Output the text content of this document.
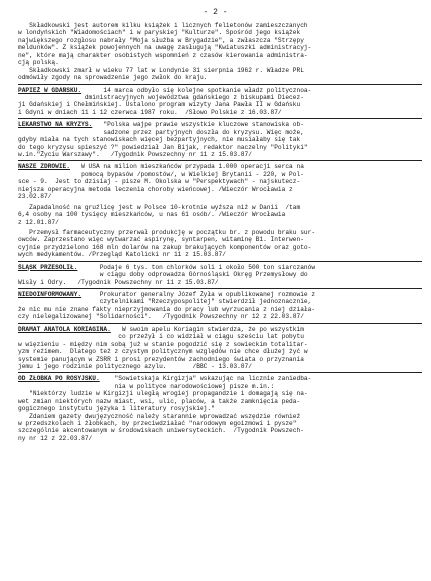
- 2 -
Składkowski jest autorem kilku książek i licznych felietonów zamieszczanych
w londyńskich "Wiadomościach" i w paryskiej "Kulturze". Spośród jego książek
największego rozgłosu nabrały "Moja służba w Brygadzie", a zwłaszcza "Strzępy
meldunków". Z książek powojennych na uwagę zasługują "Kwiatuszki administracyj-
ne", które mają charakter osobistych wspomnień z czasów kierowania administra-
cją polską.
Składkowski zmarł w wieku 77 lat w Londynie 31 sierpnia 1962 r. Władze PRL
odmówiły zgody na sprowadzenie jego zwłok do kraju.
PAPIEŻ W GDAŃSKU.      14 marca odbyło się kolejne spotkanie władz politycznoa-
dministracyjnych województwa gdańskiego z biskupami Diecez-
ji Gdańskiej i Chełmińskiej. Ustalono program wizyty Jana Pawła II w Gdańsku
i Gdyni w dniach 11 i 12 czerwca 1987 roku.  /Słowo Polskie z 16.03.87/
LEKARSTWO NA KRYZYS.   "Polska wajpe prawie wszystkie kluczowe stanowiska ob-
sadzone przez partyjnych doszła do kryzysu. Więc może,
gdyby miała na tych stanowiskach więcej bezpartyjnych, nie musiałaby się tak
do tego kryzysu spieszyć ?" powiedział Jan Bijak, redaktor naczelny "Polityki"
w.in."Życiu Warszawy".   /Tygodnik Powszechny nr 11 z 15.03.87/
NASZE ZDROWIE.   W USA na milion mieszkańców przypada 1.000 operacji serca na
pomocą bypasów /pomostów/, w Wielkiej Brytanii - 220, w Pol-
sce - 9.  Jest to dzisiaj - pisze M. Okolska w "Perspektywach" - najskutecz-
niejsza operacyjna metoda leczenia choroby wieńcowej. /Wieczór Wrocławia z
23.02.87/
Zapadalność na gruźlicę jest w Polsce 10-krotnie wyższa niż w Danii  /tam
6,4 osoby na 100 tysięcy mieszkańców, u nas 61 osób/. /Wieczór Wrocławia
z 12.01.87/
Przemysł farmaceutyczny przerwał produkcję w początku br. z powodu braku sur-
owców. Zaprzestano więc wytwarzać aspirynę, syntarpen, witaminę B1. Interwen-
cyjnie przydzielono 168 mln dolarów na zakup brakujących komponentów oraz goto-
wych medykamentów. /Przegląd Katolicki nr 11 z 15.03.87/
ŚLĄSK PRZESOLIŁ.      Podaje 6 tys. ton chlorków soli i około 500 ton siarczanów
w ciągu doby odprowadza Górnośląski Okręg Przemysłowy do
Wisły i Odry.   /Tygodnik Powszechny nr 11 z 15.03.87/
NIEDOINFORMOWANY.     Prokurator generalny Józef Żyła w opublikowanej rozmowie z
czytelnikami "Rzeczypospolitej" stwierdził jednoznacznie,
że nic mu nie znane fakty nieprzyjmowania do pracy lub wyrzucania z niej działa-
czy nielegalizowanej "Solidarności".   /Tygodnik Powszechny nr 12 z 22.03.87/
DRAMAT ANATOLA KORIAGINA.   W swoim apelu Koriagin stwierdza, że po wszystkim
co przeżył i co widział w ciągu sześciu lat pobytu
w więzieniu - między nim sobą już w stanie pogodzić się z sowieckim totalitar-
yzm reżimem.  Dlatego też z czystym politycznym względów nie chce dłużej żyć w
systemie panującym w ZSRR i prosi prezydentów zachodniego świata o przyznania
jemu i jego rodzinie politycznego azylu.       /BBC - 13.03.87/
OD ŻŁOBKA PO ROSYJSKU.    "Sowietskaja Kirgizja" wskazując na licznie zaniedba-
nia w polityce narodowościowej pisze m.in.:
"Niektórzy ludzie w Kirgizji uległą wrogiej propagandzie i domagają się na-
wet zmian niektórych nazw miast, wsi, ulic, placów, a także zamknięcia peda-
gogicznego instytutu języka i literatury rosyjskiej."
Zdaniem gazety dwujęzyczność należy starannie wprowadzać wszędzie również
w przedszkolach i żłobkach, by przeciwdziałać "narodowym egoizmowi i pysze"
szczególnie akcentowanym w środowiskach uniwersyteckich.  /Tygodnik Powszech-
ny nr 12 z 22.03.87/
